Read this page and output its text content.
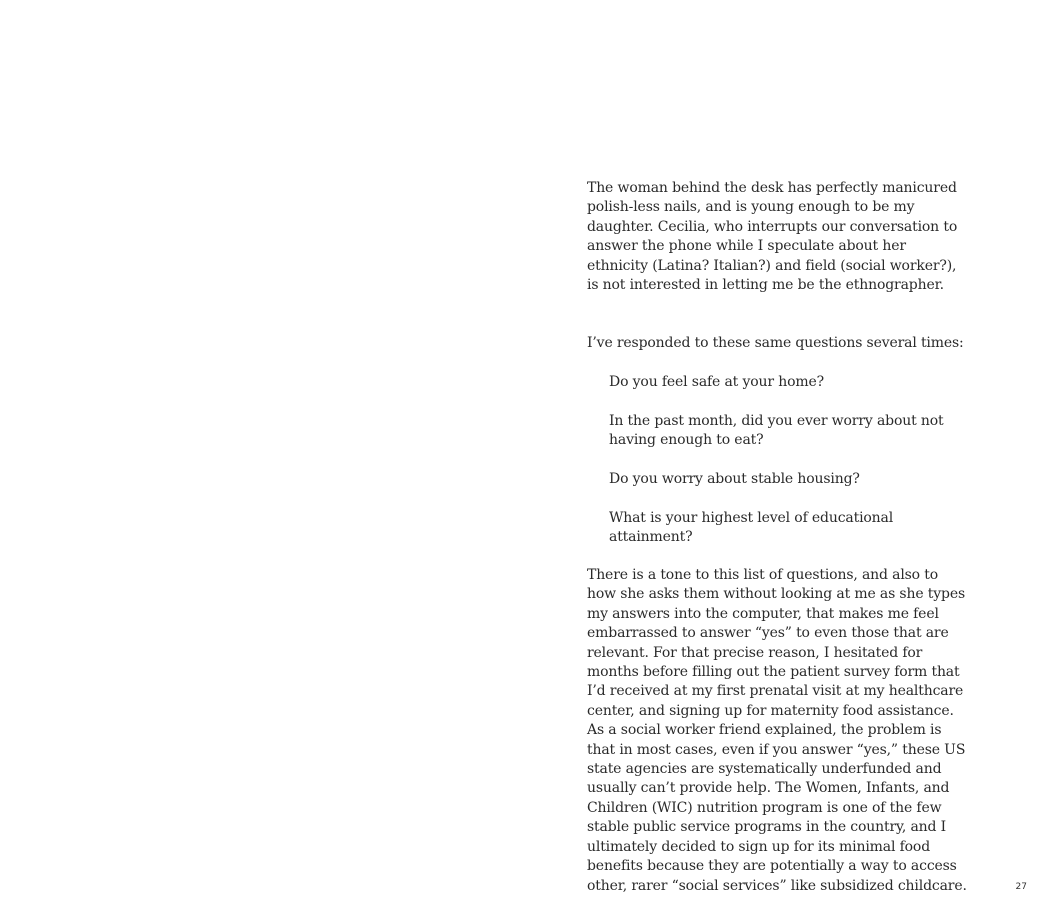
The woman behind the desk has perfectly manicured polish-less nails, and is young enough to be my daughter. Cecilia, who interrupts our conversation to answer the phone while I speculate about her ethnicity (Latina? Italian?) and field (social worker?), is not interested in letting me be the ethnographer.

I’ve responded to these same questions several times:

Do you feel safe at your home?
In the past month, did you ever worry about not having enough to eat?
Do you worry about stable housing?
What is your highest level of educational attainment?

There is a tone to this list of questions, and also to how she asks them without looking at me as she types my answers into the computer, that makes me feel embarrassed to answer “yes” to even those that are relevant. For that precise reason, I hesitated for months before filling out the patient survey form that I’d received at my first prenatal visit at my healthcare center, and signing up for maternity food assistance. As a social worker friend explained, the problem is that in most cases, even if you answer “yes,” these US state agencies are systematically underfunded and usually can’t provide help. The Women, Infants, and Children (WIC) nutrition program is one of the few stable public service programs in the country, and I ultimately decided to sign up for its minimal food benefits because they are potentially a way to access other, rarer “social services” like subsidized childcare.	27
